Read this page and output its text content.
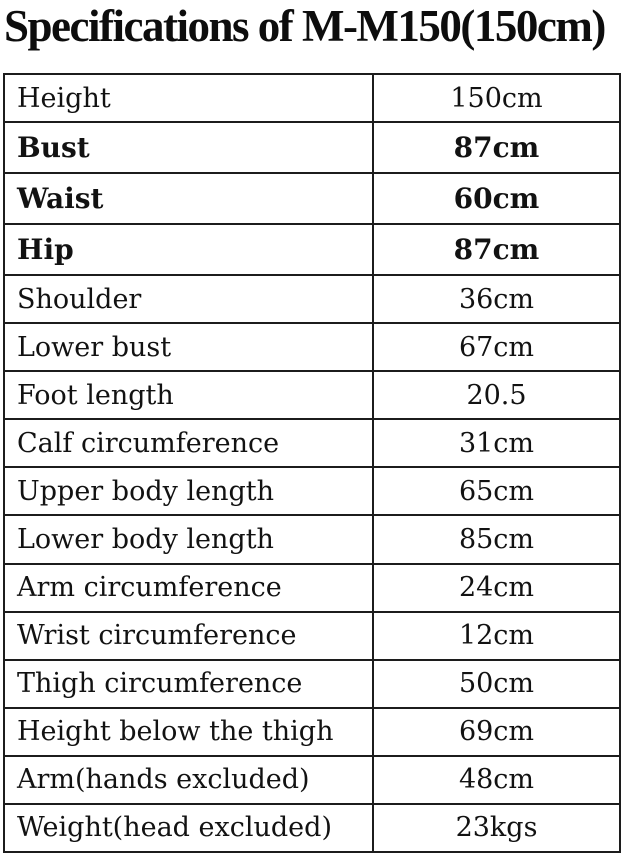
Specifications of M-M150(150cm)
Height	150cm
Bust	87cm
Waist	60cm
Hip	87cm
Shoulder	36cm
Lower bust	67cm
Foot length	20.5
Calf circumference	31cm
Upper body length	65cm
Lower body length	85cm
Arm circumference	24cm
Wrist circumference	12cm
Thigh circumference	50cm
Height below the thigh	69cm
Arm(hands excluded)	48cm
Weight(head excluded)	23kgs
